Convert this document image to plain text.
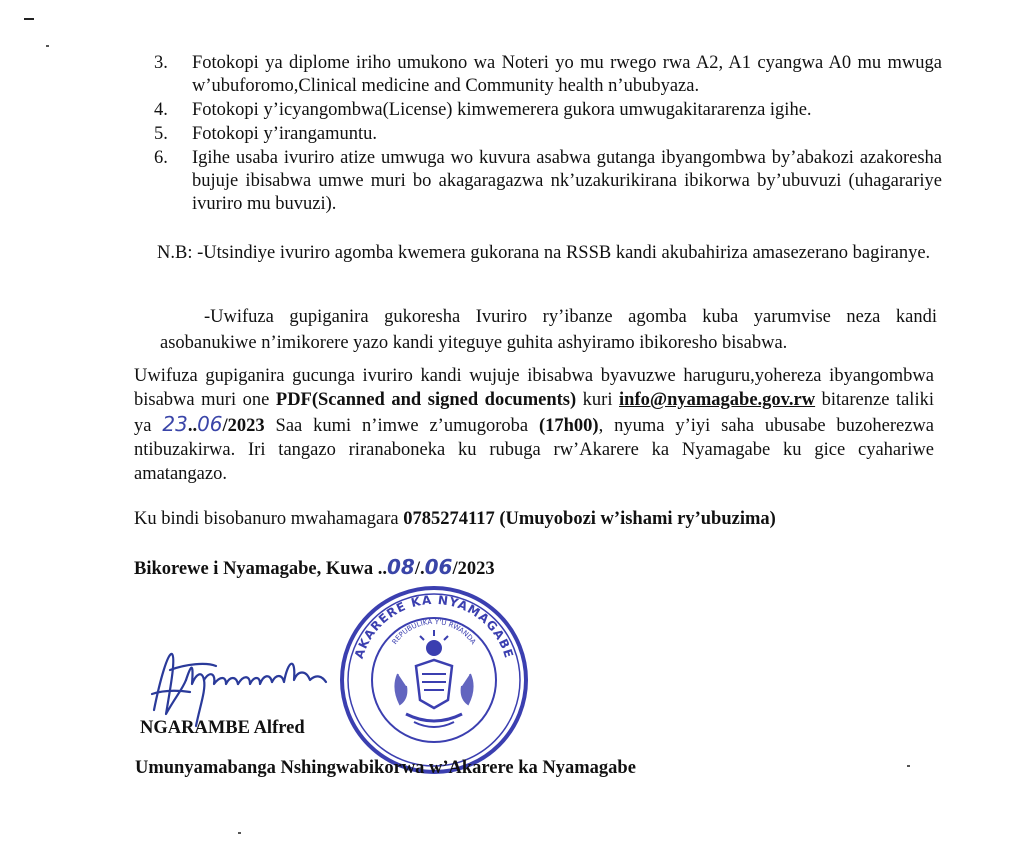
3.	Fotokopi ya diplome iriho umukono wa Noteri yo mu rwego rwa A2, A1 cyangwa A0 mu mwuga w’ubuforomo,Clinical medicine and Community health n’ububyaza.
4.	Fotokopi y’icyangombwa(License) kimwemerera gukora umwugakitararenza igihe.
5.	Fotokopi y’irangamuntu.
6.	Igihe usaba ivuriro atize umwuga wo kuvura asabwa gutanga ibyangombwa by’abakozi azakoresha bujuje ibisabwa umwe muri bo akagaragazwa nk’uzakurikirana ibikorwa by’ubuvuzi (uhagarariye ivuriro mu buvuzi).
N.B: -Utsindiye ivuriro agomba kwemera gukorana na RSSB kandi akubahiriza amasezerano bagiranye.
-Uwifuza gupiganira gukoresha Ivuriro ry’ibanze agomba kuba yarumvise neza kandi asobanukiwe n’imikorere yazo kandi yiteguye guhita ashyiramo ibikoresho bisabwa.
Uwifuza gupiganira gucunga ivuriro kandi wujuje ibisabwa byavuzwe haruguru,yohereza ibyangombwa bisabwa muri one PDF(Scanned and signed documents) kuri info@nyamagabe.gov.rw bitarenze taliki ya 23..06/2023 Saa kumi n’imwe z’umugoroba (17h00), nyuma y’iyi saha ubusabe buzoherezwa ntibuzakirwa. Iri tangazo riranaboneka ku rubuga rw’Akarere ka Nyamagabe ku gice cyahariwe amatangazo.
Ku bindi bisobanuro mwahamagara 0785274117 (Umuyobozi w’ishami ry’ubuzima)
Bikorewe i Nyamagabe, Kuwa ..08/.06/2023
AKARERE KA NYAMAGABE
REPUBULIKA Y'U RWANDA
NGARAMBE Alfred
Umunyamabanga Nshingwabikorwa w’Akarere ka Nyamagabe
